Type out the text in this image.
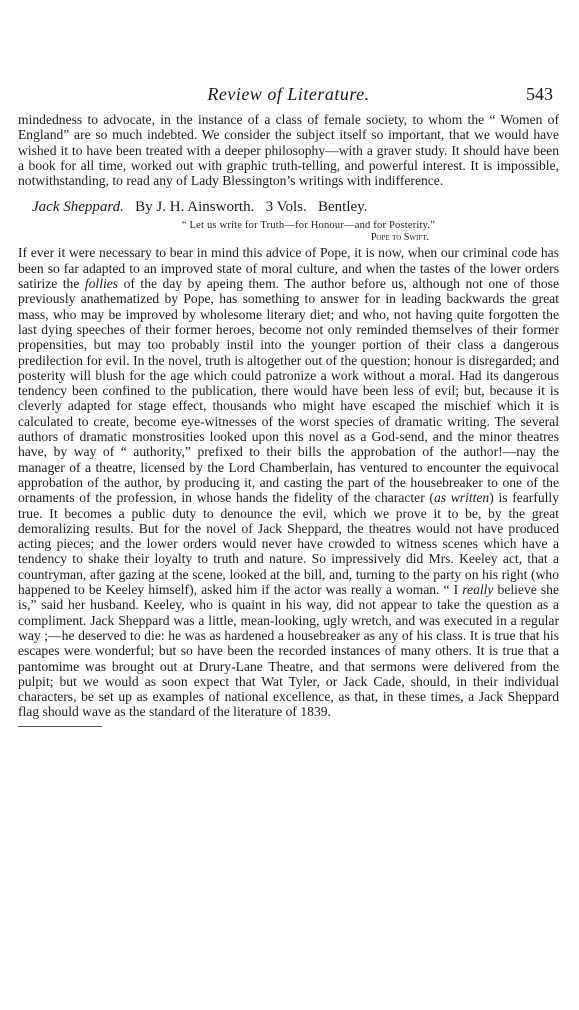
Review of Literature.	543

mindedness to advocate, in the instance of a class of female society, to whom the “ Women of England” are so much indebted. We consider the subject itself so important, that we would have wished it to have been treated with a deeper philosophy—with a graver study. It should have been a book for all time, worked out with graphic truth-telling, and powerful interest. It is impossible, notwithstanding, to read any of Lady Blessington’s writings with indifference.

Jack Sheppard. By J. H. Ainsworth. 3 Vols. Bentley.
“ Let us write for Truth—for Honour—and for Posterity.”
Pope to Swift.

If ever it were necessary to bear in mind this advice of Pope, it is now, when our criminal code has been so far adapted to an improved state of moral culture, and when the tastes of the lower orders satirize the follies of the day by apeing them. The author before us, although not one of those previously anathematized by Pope, has something to answer for in leading backwards the great mass, who may be improved by wholesome literary diet; and who, not having quite forgotten the last dying speeches of their former heroes, become not only reminded themselves of their former propensities, but may too probably instil into the younger portion of their class a dangerous predilection for evil. In the novel, truth is altogether out of the question; honour is disregarded; and posterity will blush for the age which could patronize a work without a moral. Had its dangerous tendency been confined to the publication, there would have been less of evil; but, because it is cleverly adapted for stage effect, thousands who might have escaped the mischief which it is calculated to create, become eye-witnesses of the worst species of dramatic writing. The several authors of dramatic monstrosities looked upon this novel as a God-send, and the minor theatres have, by way of “ authority,” prefixed to their bills the approbation of the author!—nay the manager of a theatre, licensed by the Lord Chamberlain, has ventured to encounter the equivocal approbation of the author, by producing it, and casting the part of the housebreaker to one of the ornaments of the profession, in whose hands the fidelity of the character (as written) is fearfully true. It becomes a public duty to denounce the evil, which we prove it to be, by the great demoralizing results. But for the novel of Jack Sheppard, the theatres would not have produced acting pieces; and the lower orders would never have crowded to witness scenes which have a tendency to shake their loyalty to truth and nature. So impressively did Mrs. Keeley act, that a countryman, after gazing at the scene, looked at the bill, and, turning to the party on his right (who happened to be Keeley himself), asked him if the actor was really a woman. “ I really believe she is,” said her husband. Keeley, who is quaint in his way, did not appear to take the question as a compliment. Jack Sheppard was a little, mean-looking, ugly wretch, and was executed in a regular way ;—he deserved to die: he was as hardened a housebreaker as any of his class. It is true that his escapes were wonderful; but so have been the recorded instances of many others. It is true that a pantomime was brought out at Drury-Lane Theatre, and that sermons were delivered from the pulpit; but we would as soon expect that Wat Tyler, or Jack Cade, should, in their individual characters, be set up as examples of national excellence, as that, in these times, a Jack Sheppard flag should wave as the standard of the literature of 1839.
